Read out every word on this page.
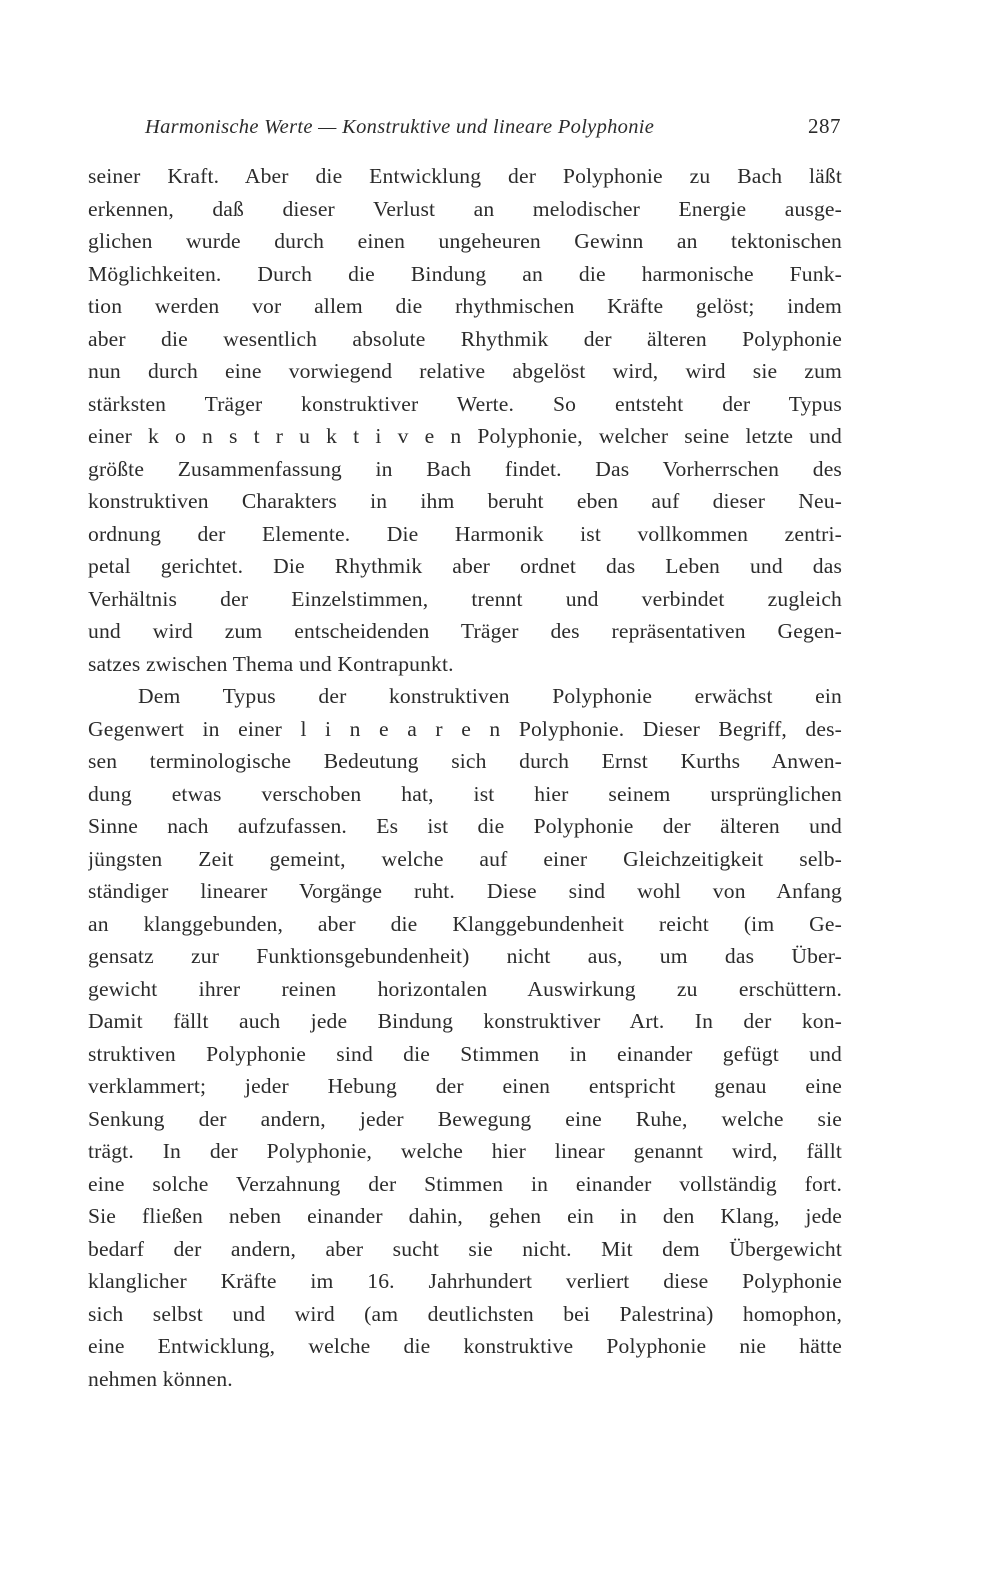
Harmonische Werte — Konstruktive und lineare Polyphonie	287
seiner Kraft. Aber die Entwicklung der Polyphonie zu Bach läßt
erkennen, daß dieser Verlust an melodischer Energie ausge-
glichen wurde durch einen ungeheuren Gewinn an tektonischen
Möglichkeiten. Durch die Bindung an die harmonische Funk-
tion werden vor allem die rhythmischen Kräfte gelöst; indem
aber die wesentlich absolute Rhythmik der älteren Polyphonie
nun durch eine vorwiegend relative abgelöst wird, wird sie zum
stärksten Träger konstruktiver Werte. So entsteht der Typus
einer k o n s t r u k t i v e n Polyphonie, welcher seine letzte und
größte Zusammenfassung in Bach findet. Das Vorherrschen des
konstruktiven Charakters in ihm beruht eben auf dieser Neu-
ordnung der Elemente. Die Harmonik ist vollkommen zentri-
petal gerichtet. Die Rhythmik aber ordnet das Leben und das
Verhältnis der Einzelstimmen, trennt und verbindet zugleich
und wird zum entscheidenden Träger des repräsentativen Gegen-
satzes zwischen Thema und Kontrapunkt.
Dem Typus der konstruktiven Polyphonie erwächst ein
Gegenwert in einer l i n e a r e n Polyphonie. Dieser Begriff, des-
sen terminologische Bedeutung sich durch Ernst Kurths Anwen-
dung etwas verschoben hat, ist hier seinem ursprünglichen
Sinne nach aufzufassen. Es ist die Polyphonie der älteren und
jüngsten Zeit gemeint, welche auf einer Gleichzeitigkeit selb-
ständiger linearer Vorgänge ruht. Diese sind wohl von Anfang
an klanggebunden, aber die Klanggebundenheit reicht (im Ge-
gensatz zur Funktionsgebundenheit) nicht aus, um das Über-
gewicht ihrer reinen horizontalen Auswirkung zu erschüttern.
Damit fällt auch jede Bindung konstruktiver Art. In der kon-
struktiven Polyphonie sind die Stimmen in einander gefügt und
verklammert; jeder Hebung der einen entspricht genau eine
Senkung der andern, jeder Bewegung eine Ruhe, welche sie
trägt. In der Polyphonie, welche hier linear genannt wird, fällt
eine solche Verzahnung der Stimmen in einander vollständig fort.
Sie fließen neben einander dahin, gehen ein in den Klang, jede
bedarf der andern, aber sucht sie nicht. Mit dem Übergewicht
klanglicher Kräfte im 16. Jahrhundert verliert diese Polyphonie
sich selbst und wird (am deutlichsten bei Palestrina) homophon,
eine Entwicklung, welche die konstruktive Polyphonie nie hätte
nehmen können.
